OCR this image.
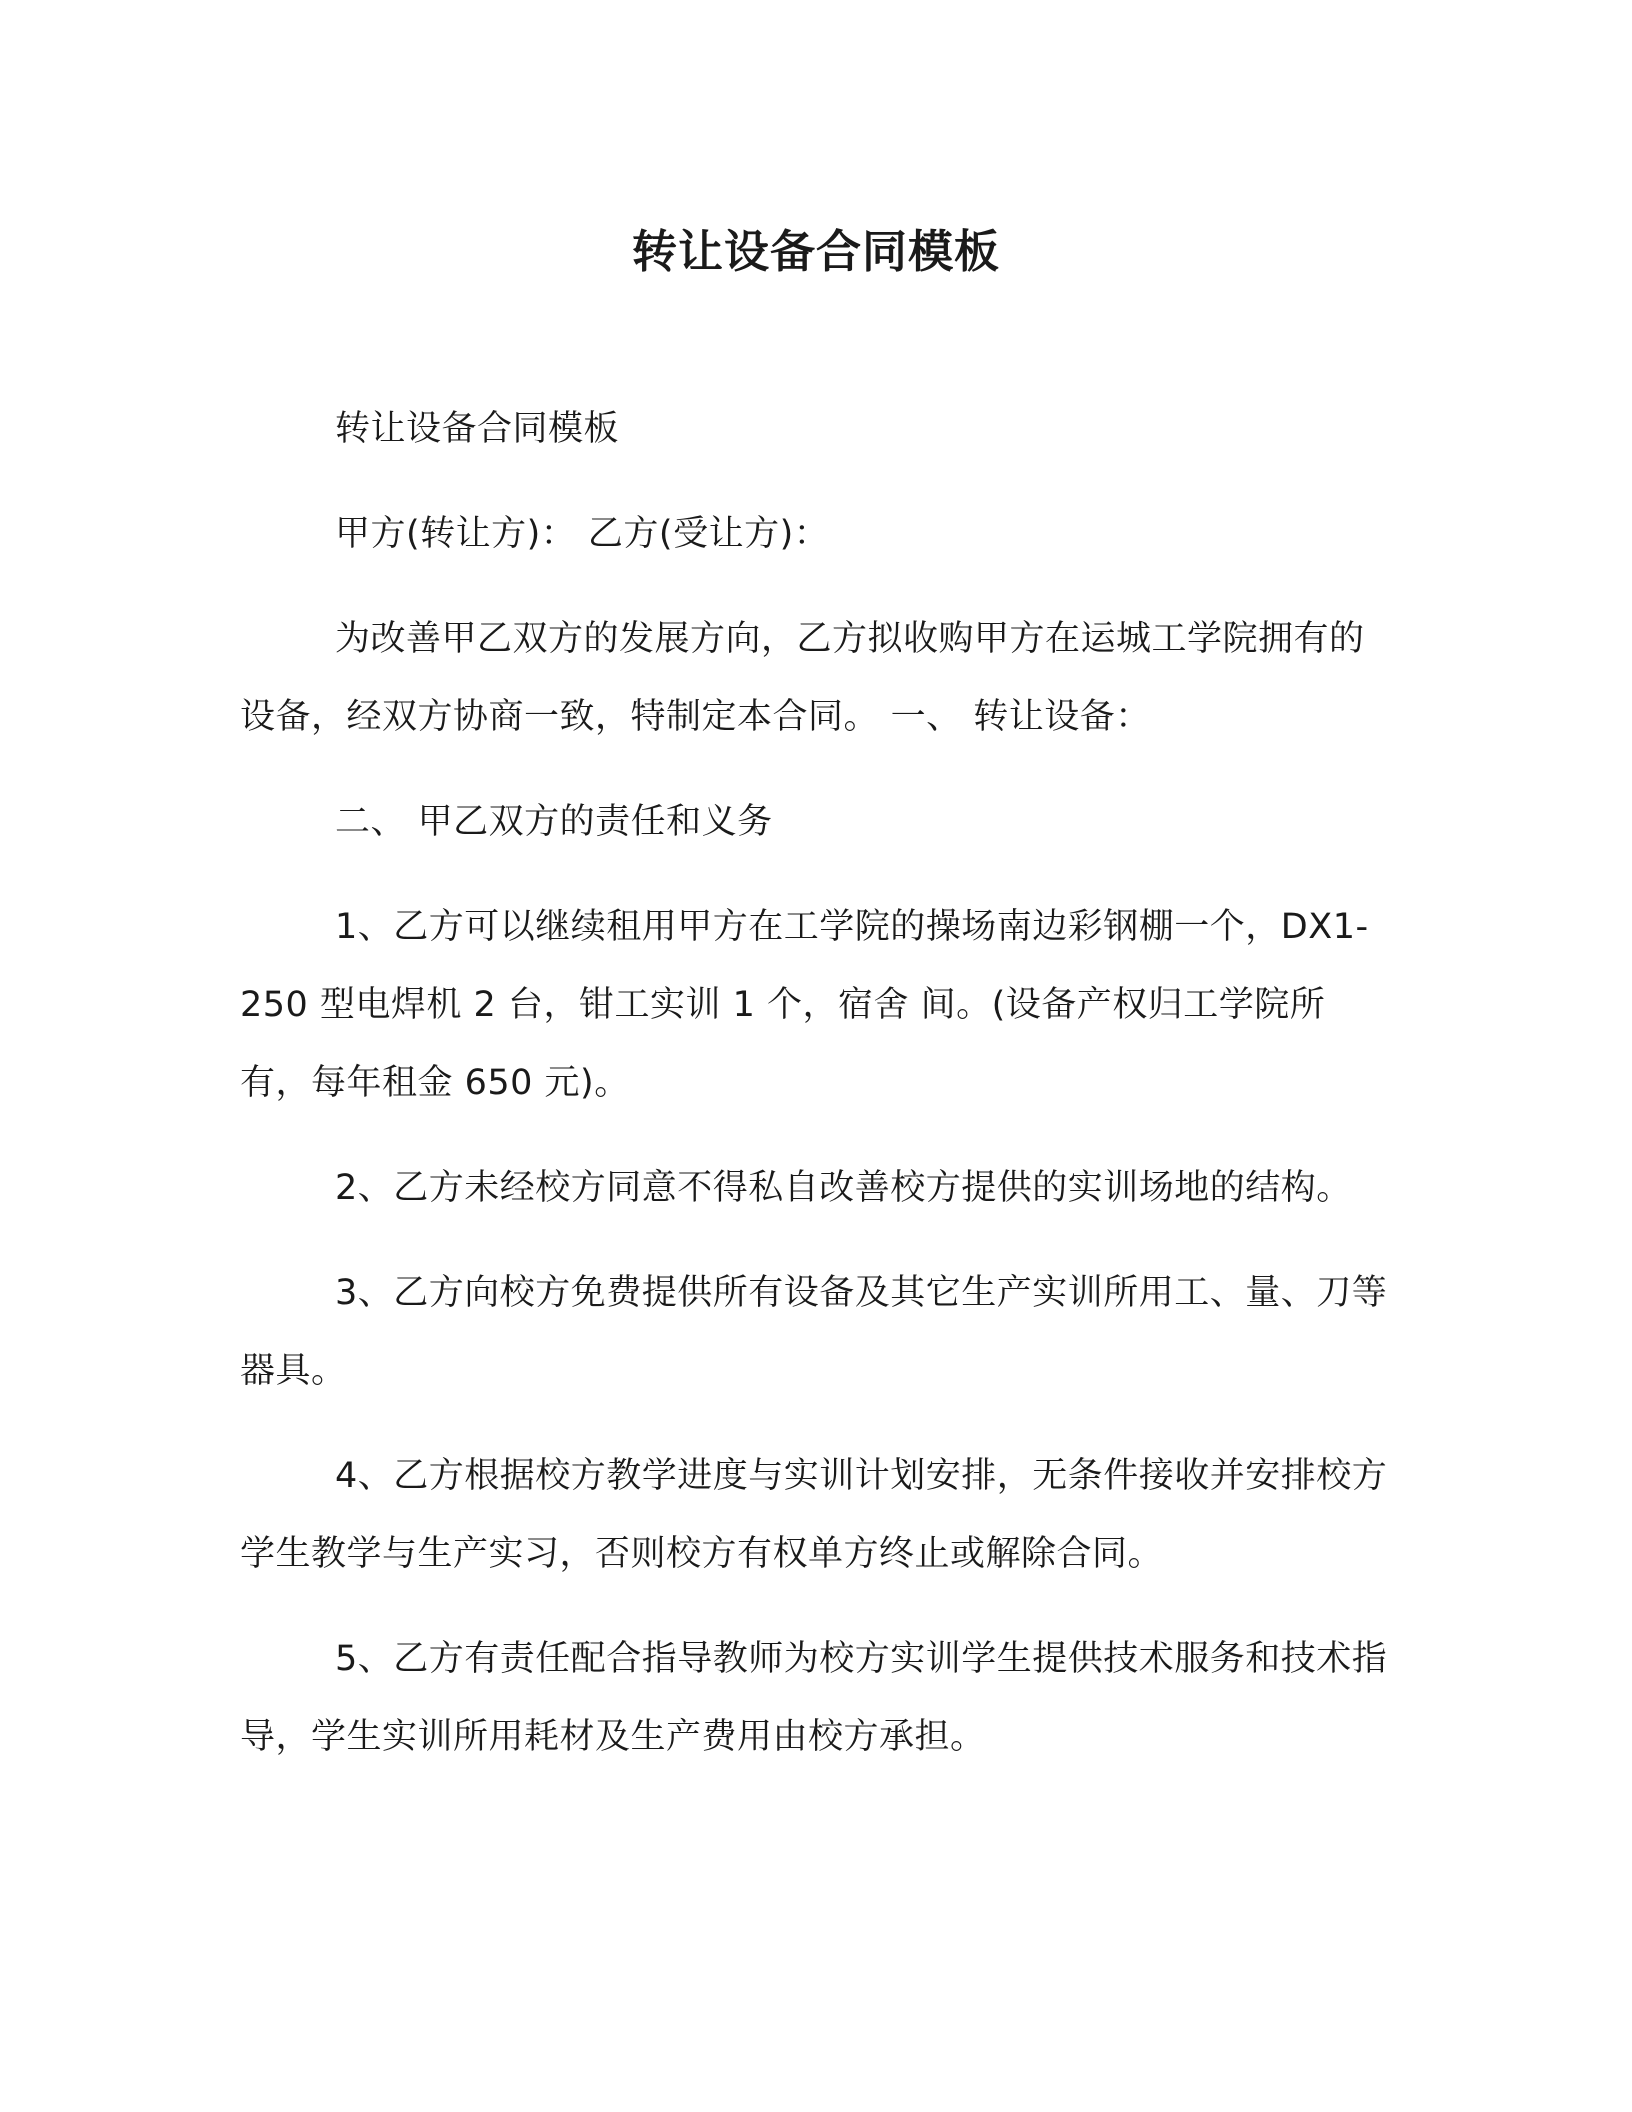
转让设备合同模板

转让设备合同模板

甲方(转让方)： 乙方(受让方)：

为改善甲乙双方的发展方向，乙方拟收购甲方在运城工学院拥有的设备，经双方协商一致，特制定本合同。 一、 转让设备：

二、 甲乙双方的责任和义务

1、乙方可以继续租用甲方在工学院的操场南边彩钢棚一个，DX1-250 型电焊机 2 台，钳工实训 1 个，宿舍 间。(设备产权归工学院所有，每年租金 650 元)。

2、乙方未经校方同意不得私自改善校方提供的实训场地的结构。

3、乙方向校方免费提供所有设备及其它生产实训所用工、量、刀等器具。

4、乙方根据校方教学进度与实训计划安排，无条件接收并安排校方学生教学与生产实习，否则校方有权单方终止或解除合同。

5、乙方有责任配合指导教师为校方实训学生提供技术服务和技术指导，学生实训所用耗材及生产费用由校方承担。
